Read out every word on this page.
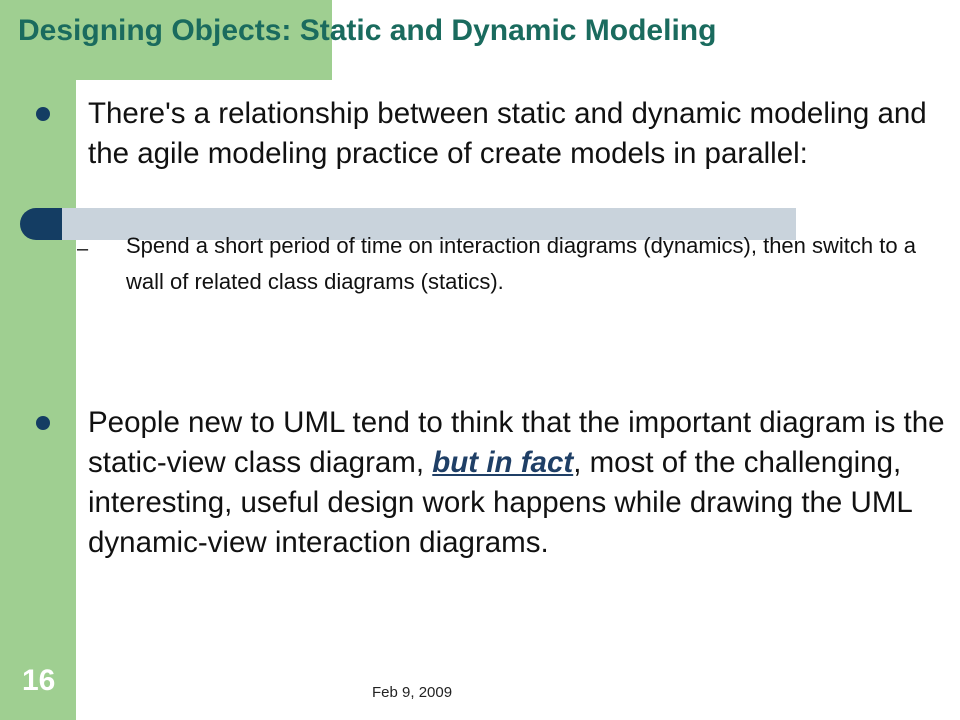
Designing Objects: Static and Dynamic Modeling

There's a relationship between static and dynamic modeling and the agile modeling practice of create models in parallel:

– Spend a short period of time on interaction diagrams (dynamics), then switch to a wall of related class diagrams (statics).

People new to UML tend to think that the important diagram is the static-view class diagram, but in fact, most of the challenging, interesting, useful design work happens while drawing the UML dynamic-view interaction diagrams.

16	Feb 9, 2009
